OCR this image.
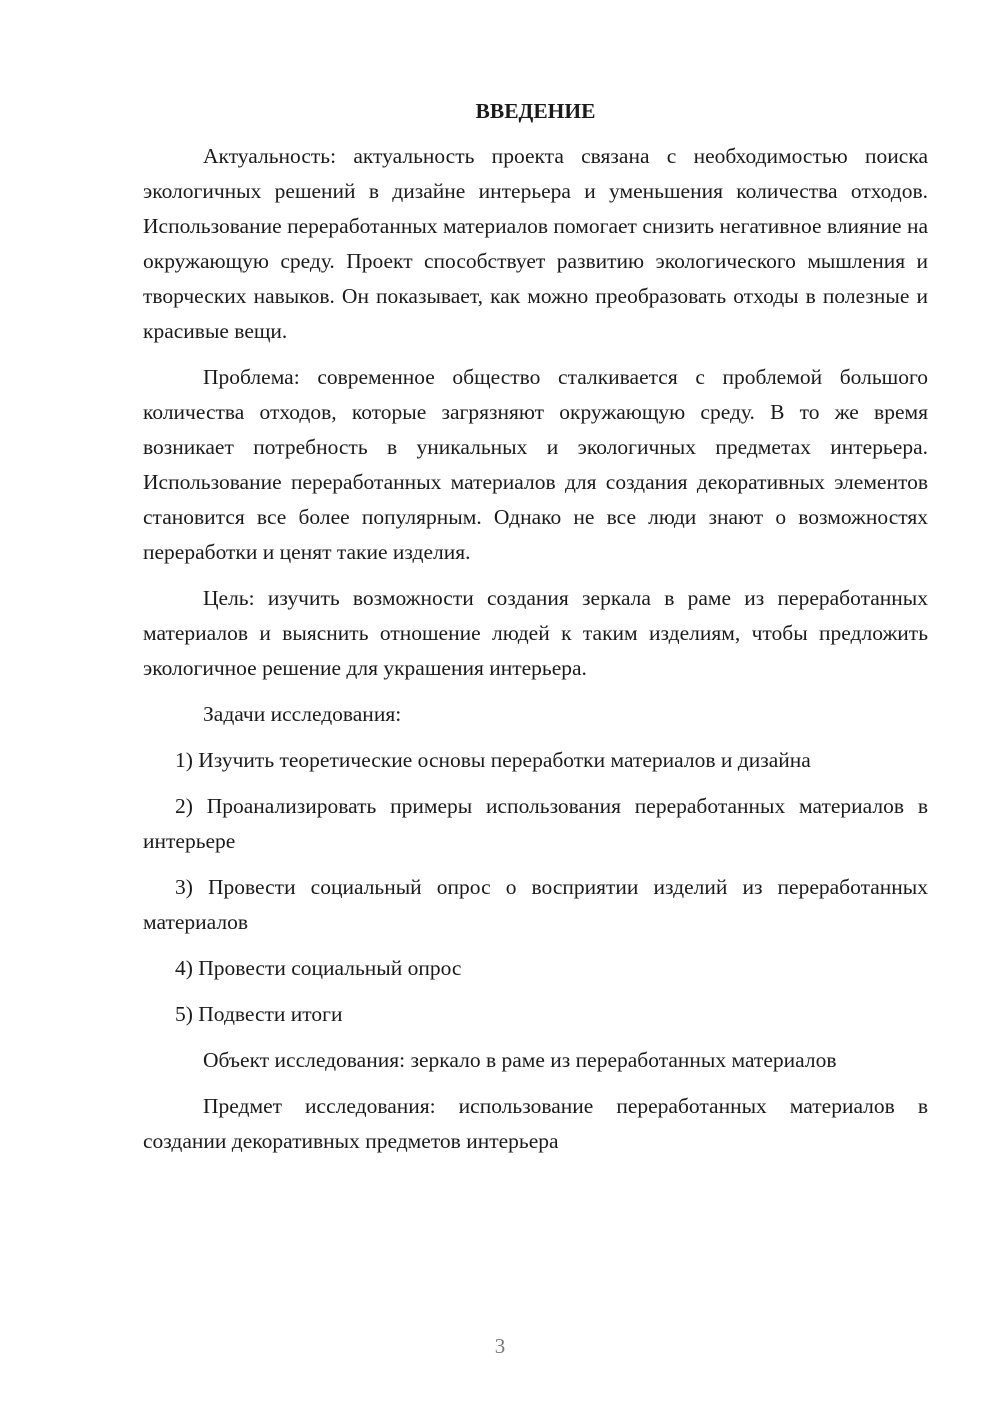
ВВЕДЕНИЕ

Актуальность: актуальность проекта связана с необходимостью поиска экологичных решений в дизайне интерьера и уменьшения количества отходов. Использование переработанных материалов помогает снизить негативное влияние на окружающую среду. Проект способствует развитию экологического мышления и творческих навыков. Он показывает, как можно преобразовать отходы в полезные и красивые вещи.

Проблема: современное общество сталкивается с проблемой большого количества отходов, которые загрязняют окружающую среду. В то же время возникает потребность в уникальных и экологичных предметах интерьера. Использование переработанных материалов для создания декоративных элементов становится все более популярным. Однако не все люди знают о возможностях переработки и ценят такие изделия.

Цель: изучить возможности создания зеркала в раме из переработанных материалов и выяснить отношение людей к таким изделиям, чтобы предложить экологичное решение для украшения интерьера.

Задачи исследования:

1) Изучить теоретические основы переработки материалов и дизайна

2) Проанализировать примеры использования переработанных материалов в интерьере

3) Провести социальный опрос о восприятии изделий из переработанных материалов

4) Провести социальный опрос

5) Подвести итоги

Объект исследования: зеркало в раме из переработанных материалов

Предмет исследования: использование переработанных материалов в создании декоративных предметов интерьера

3
